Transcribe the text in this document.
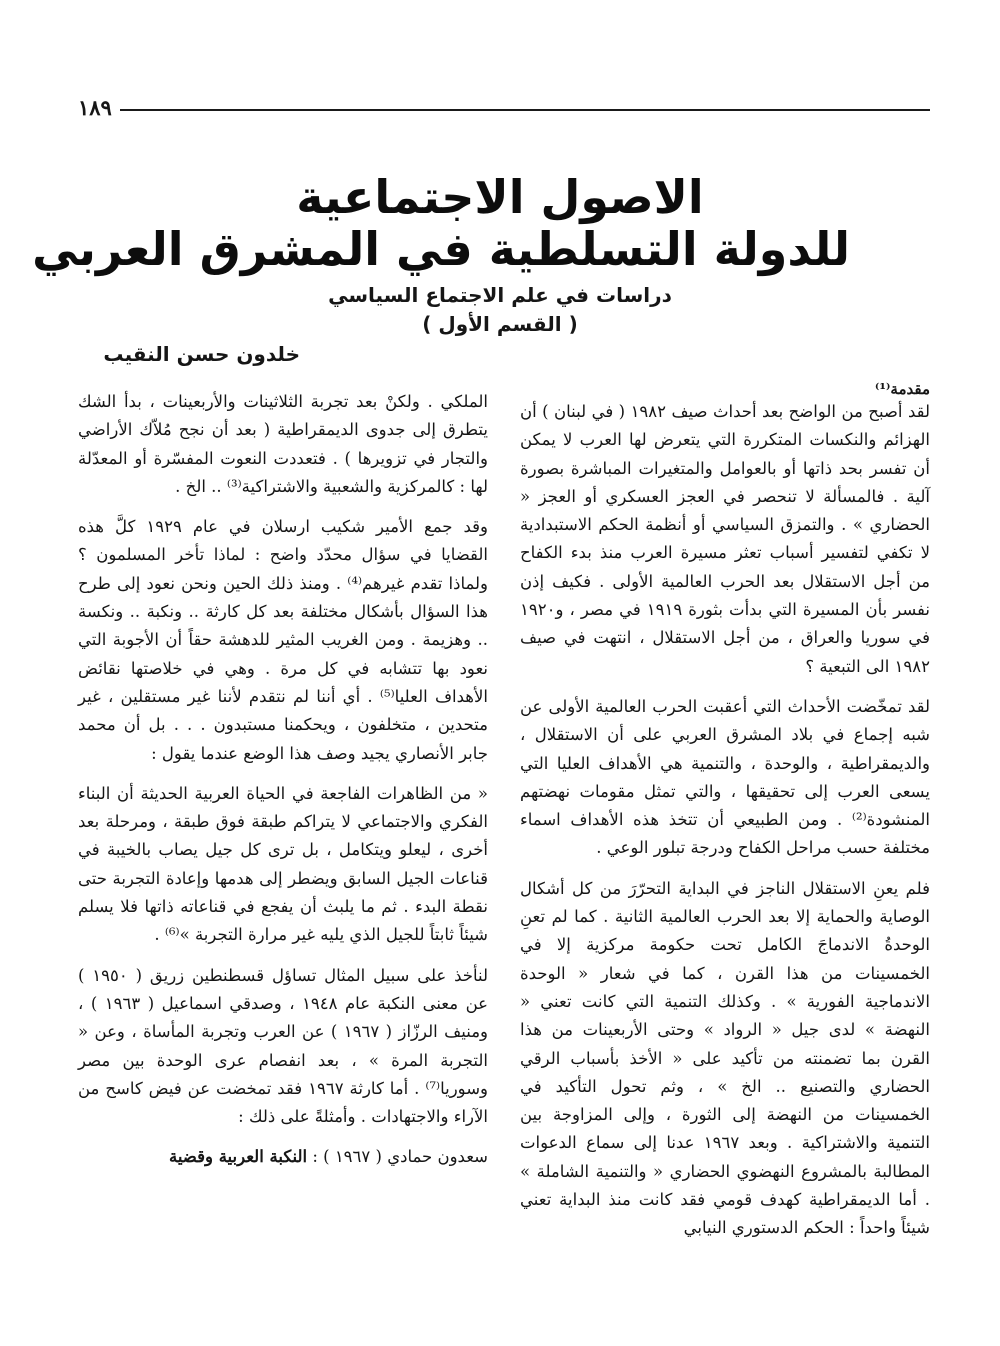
١٨٩
الاصول الاجتماعية
للدولة التسلطية في المشرق العربي
دراسات في علم الاجتماع السياسي
( القسم الأول )
خلدون حسن النقيب

مقدمة⁽¹⁾

لقد أصبح من الواضح بعد أحداث صيف ١٩٨٢ ( في لبنان ) أن الهزائم والنكسات المتكررة التي يتعرض لها العرب لا يمكن أن تفسر بحد ذاتها أو بالعوامل والمتغيرات المباشرة بصورة آلية . فالمسألة لا تنحصر في العجز العسكري أو العجز « الحضاري » . والتمزق السياسي أو أنظمة الحكم الاستبدادية لا تكفي لتفسير أسباب تعثر مسيرة العرب منذ بدء الكفاح من أجل الاستقلال بعد الحرب العالمية الأولى . فكيف إذن نفسر بأن المسيرة التي بدأت بثورة ١٩١٩ في مصر ، و١٩٢٠ في سوريا والعراق ، من أجل الاستقلال ، انتهت في صيف ١٩٨٢ الى التبعية ؟

لقد تمخّضت الأحداث التي أعقبت الحرب العالمية الأولى عن شبه إجماع في بلاد المشرق العربي على أن الاستقلال ، والديمقراطية ، والوحدة ، والتنمية هي الأهداف العليا التي يسعى العرب إلى تحقيقها ، والتي تمثل مقومات نهضتهم المنشودة⁽²⁾ . ومن الطبيعي أن تتخذ هذه الأهداف اسماء مختلفة حسب مراحل الكفاح ودرجة تبلور الوعي .

فلم يعنِ الاستقلال الناجز في البداية التحرّرَ من كل أشكال الوصاية والحماية إلا بعد الحرب العالمية الثانية . كما لم تعنِ الوحدةُ الاندماجَ الكامل تحت حكومة مركزية إلا في الخمسينات من هذا القرن ، كما في شعار « الوحدة الاندماجية الفورية » . وكذلك التنمية التي كانت تعني « النهضة » لدى جيل « الرواد » وحتى الأربعينات من هذا القرن بما تضمنته من تأكيد على « الأخذ بأسباب الرقي الحضاري والتصنيع .. الخ » ، وثم تحول التأكيد في الخمسينات من النهضة إلى الثورة ، وإلى المزاوجة بين التنمية والاشتراكية . وبعد ١٩٦٧ عدنا إلى سماع الدعوات المطالبة بالمشروع النهضوي الحضاري « والتنمية الشاملة » . أما الديمقراطية كهدف قومي فقد كانت منذ البداية تعني شيئاً واحداً : الحكم الدستوري النيابي

الملكي . ولكنْ بعد تجربة الثلاثينات والأربعينات ، بدأ الشك يتطرق إلى جدوى الديمقراطية ( بعد أن نجح مُلاّك الأراضي والتجار في تزويرها ) . فتعددت النعوت المفسّرة أو المعدّلة لها : كالمركزية والشعبية والاشتراكية⁽³⁾ .. الخ .

وقد جمع الأمير شكيب ارسلان في عام ١٩٢٩ كلَّ هذه القضايا في سؤال محدّد واضح : لماذا تأخر المسلمون ؟ ولماذا تقدم غيرهم⁽⁴⁾ . ومنذ ذلك الحين ونحن نعود إلى طرح هذا السؤال بأشكال مختلفة بعد كل كارثة .. ونكبة .. ونكسة .. وهزيمة . ومن الغريب المثير للدهشة حقاً أن الأجوبة التي نعود بها تتشابه في كل مرة . وهي في خلاصتها نقائض الأهداف العليا⁽⁵⁾ . أي أننا لم نتقدم لأننا غير مستقلين ، غير متحدين ، متخلفون ، ويحكمنا مستبدون . . . بل أن محمد جابر الأنصاري يجيد وصف هذا الوضع عندما يقول :

« من الظاهرات الفاجعة في الحياة العربية الحديثة أن البناء الفكري والاجتماعي لا يتراكم طبقة فوق طبقة ، ومرحلة بعد أخرى ، ليعلو ويتكامل ، بل ترى كل جيل يصاب بالخيبة في قناعات الجيل السابق ويضطر إلى هدمها وإعادة التجربة حتى نقطة البدء . ثم ما يلبث أن يفجع في قناعاته ذاتها فلا يسلم شيئاً ثابتاً للجيل الذي يليه غير مرارة التجربة »⁽⁶⁾ .

لنأخذ على سبيل المثال تساؤل قسطنطين زريق ( ١٩٥٠ ) عن معنى النكبة عام ١٩٤٨ ، وصدقي اسماعيل ( ١٩٦٣ ) ، ومنيف الرزّاز ( ١٩٦٧ ) عن العرب وتجربة المأساة ، وعن « التجربة المرة » ، بعد انفصام عرى الوحدة بين مصر وسوريا⁽⁷⁾ . أما كارثة ١٩٦٧ فقد تمخضت عن فيض كاسح من الآراء والاجتهادات . وأمثلةً على ذلك :

سعدون حمادي ( ١٩٦٧ ) : النكبة العربية وقضية
